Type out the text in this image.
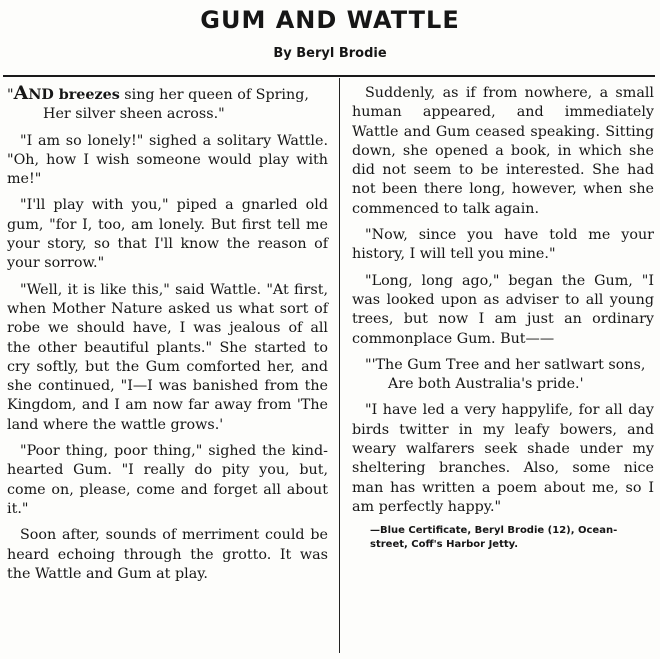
GUM AND WATTLE
By Beryl Brodie

"AND breezes sing her queen of Spring,

Her silver sheen across."

"I am so lonely!" sighed a solitary Wattle. "Oh, how I wish someone would play with me!"

"I'll play with you," piped a gnarled old gum, "for I, too, am lonely. But first tell me your story, so that I'll know the reason of your sorrow."

"Well, it is like this," said Wattle. "At first, when Mother Nature asked us what sort of robe we should have, I was jealous of all the other beautiful plants." She started to cry softly, but the Gum comforted her, and she continued, "I—I was banished from the Kingdom, and I am now far away from 'The land where the wattle grows.'

"Poor thing, poor thing," sighed the kind-hearted Gum. "I really do pity you, but, come on, please, come and forget all about it."

Soon after, sounds of merriment could be heard echoing through the grotto. It was the Wattle and Gum at play.

Suddenly, as if from nowhere, a small human appeared, and immediately Wattle and Gum ceased speaking. Sitting down, she opened a book, in which she did not seem to be interested. She had not been there long, however, when she commenced to talk again.

"Now, since you have told me your history, I will tell you mine."

"Long, long ago," began the Gum, "I was looked upon as adviser to all young trees, but now I am just an ordinary commonplace Gum. But——

"'The Gum Tree and her satlwart sons,

Are both Australia's pride.'

"I have led a very happylife, for all day birds twitter in my leafy bowers, and weary walfarers seek shade under my sheltering branches. Also, some nice man has written a poem about me, so I am perfectly happy."

—Blue Certificate, Beryl Brodie (12), Ocean-street, Coff's Harbor Jetty.
